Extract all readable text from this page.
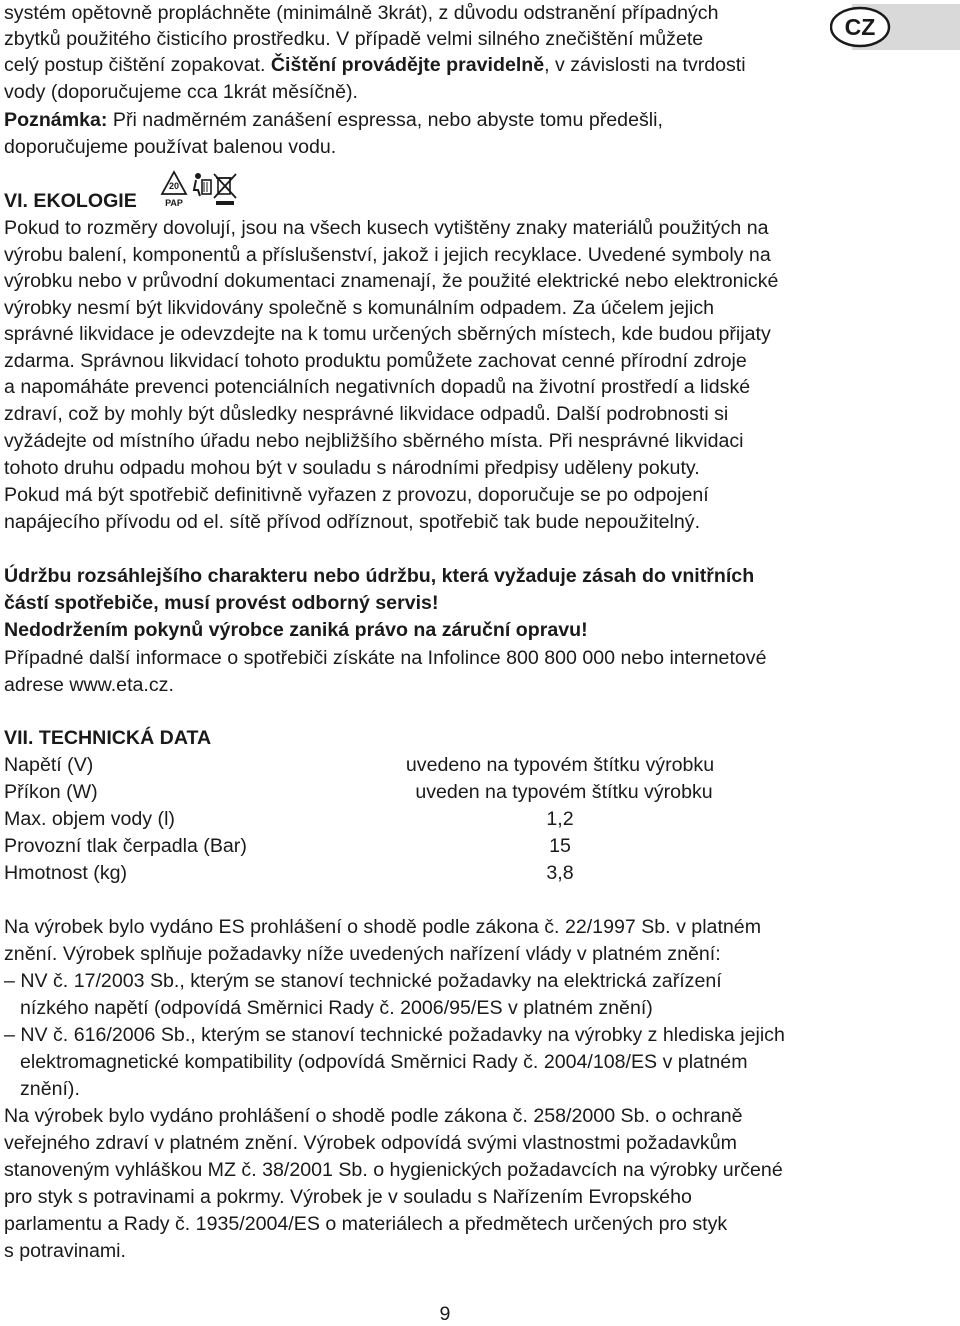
CZ
systém opětovně propláchněte (minimálně 3krát), z důvodu odstranění případných
zbytků použitého čisticího prostředku. V případě velmi silného znečištění můžete
celý postup čištění zopakovat. Čištění provádějte pravidelně, v závislosti na tvrdosti
vody (doporučujeme cca 1krát měsíčně).
Poznámka: Při nadměrném zanášení espressa, nebo abyste tomu předešli,
doporučujeme používat balenou vodu.
VI. EKOLOGIE
20
PAP
Pokud to rozměry dovolují, jsou na všech kusech vytištěny znaky materiálů použitých na
výrobu balení, komponentů a příslušenství, jakož i jejich recyklace. Uvedené symboly na
výrobku nebo v průvodní dokumentaci znamenají, že použité elektrické nebo elektronické
výrobky nesmí být likvidovány společně s komunálním odpadem. Za účelem jejich
správné likvidace je odevzdejte na k tomu určených sběrných místech, kde budou přijaty
zdarma. Správnou likvidací tohoto produktu pomůžete zachovat cenné přírodní zdroje
a napomáháte prevenci potenciálních negativních dopadů na životní prostředí a lidské
zdraví, což by mohly být důsledky nesprávné likvidace odpadů. Další podrobnosti si
vyžádejte od místního úřadu nebo nejbližšího sběrného místa. Při nesprávné likvidaci
tohoto druhu odpadu mohou být v souladu s národními předpisy uděleny pokuty.
Pokud má být spotřebič definitivně vyřazen z provozu, doporučuje se po odpojení
napájecího přívodu od el. sítě přívod odříznout, spotřebič tak bude nepoužitelný.
Údržbu rozsáhlejšího charakteru nebo údržbu, která vyžaduje zásah do vnitřních
částí spotřebiče, musí provést odborný servis!
Nedodržením pokynů výrobce zaniká právo na záruční opravu!
Případné další informace o spotřebiči získáte na Infolince 800 800 000 nebo internetové
adrese www.eta.cz.
VII. TECHNICKÁ DATA
Napětí (V)	uvedeno na typovém štítku výrobku
Příkon (W)	uveden na typovém štítku výrobku
Max. objem vody (l)	1,2
Provozní tlak čerpadla (Bar)	15
Hmotnost (kg)	3,8
Na výrobek bylo vydáno ES prohlášení o shodě podle zákona č. 22/1997 Sb. v platném
znění. Výrobek splňuje požadavky níže uvedených nařízení vlády v platném znění:
– NV č. 17/2003 Sb., kterým se stanoví technické požadavky na elektrická zařízení
nízkého napětí (odpovídá Směrnici Rady č. 2006/95/ES v platném znění)
– NV č. 616/2006 Sb., kterým se stanoví technické požadavky na výrobky z hlediska jejich
elektromagnetické kompatibility (odpovídá Směrnici Rady č. 2004/108/ES v platném
znění).
Na výrobek bylo vydáno prohlášení o shodě podle zákona č. 258/2000 Sb. o ochraně
veřejného zdraví v platném znění. Výrobek odpovídá svými vlastnostmi požadavkům
stanoveným vyhláškou MZ č. 38/2001 Sb. o hygienických požadavcích na výrobky určené
pro styk s potravinami a pokrmy. Výrobek je v souladu s Nařízením Evropského
parlamentu a Rady č. 1935/2004/ES o materiálech a předmětech určených pro styk
s potravinami.
9
